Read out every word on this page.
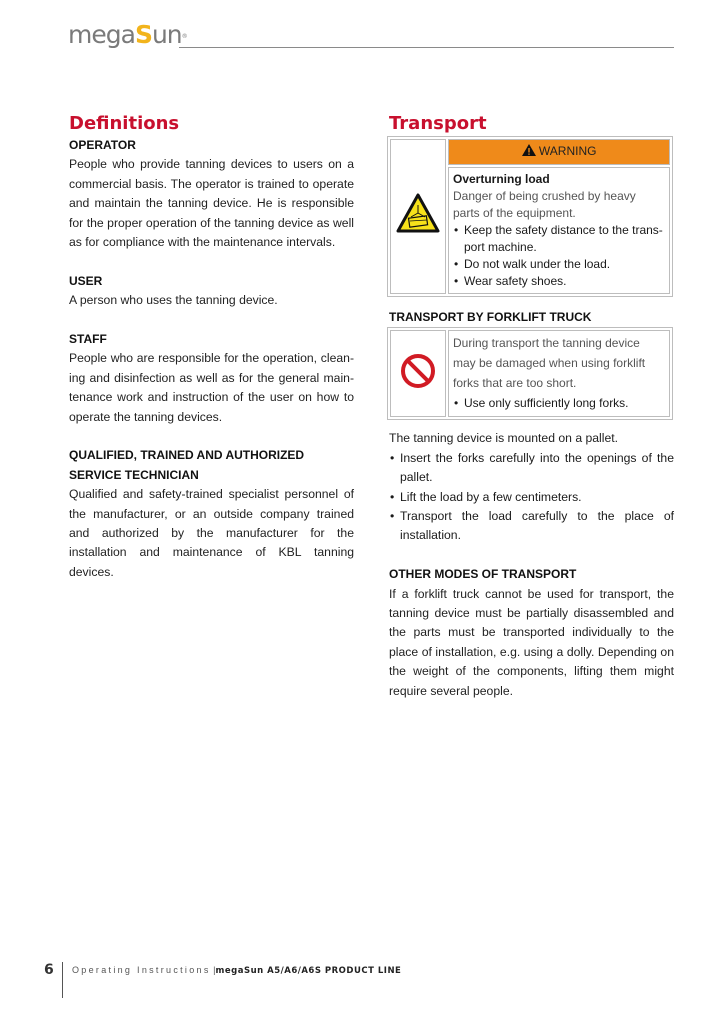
megaSun®
Definitions
OPERATOR

People who provide tanning devices to users on a commercial basis. The operator is trained to operate and maintain the tanning device. He is responsible for the proper operation of the tanning device as well as for compliance with the maintenance intervals.

USER

A person who uses the tanning device.

STAFF

People who are responsible for the operation, cleaning and disinfection as well as for the general maintenance work and instruction of the user on how to operate the tanning devices.

QUALIFIED, TRAINED AND AUTHORIZED SERVICE TECHNICIAN

Qualified and safety-trained specialist personnel of the manufacturer, or an outside company trained and authorized by the manufacturer for the installation and maintenance of KBL tanning devices.

Transport
	WARNING

Overturning load
Danger of being crushed by heavy parts of the equipment.
• Keep the safety distance to the transport machine.
• Do not walk under the load.
• Wear safety shoes.
TRANSPORT BY FORKLIFT TRUCK

During transport the tanning device may be damaged when using forklift forks that are too short.
• Use only sufficiently long forks.

The tanning device is mounted on a pallet.

• Insert the forks carefully into the openings of the pallet.
• Lift the load by a few centimeters.
• Transport the load carefully to the place of installation.
OTHER MODES OF TRANSPORT

If a forklift truck cannot be used for transport, the tanning device must be partially disassembled and the parts must be transported individually to the place of installation, e.g. using a dolly. Depending on the weight of the components, lifting them might require several people.

6 Operating Instructions |megaSun A5/A6/A6S PRODUCT LINE
